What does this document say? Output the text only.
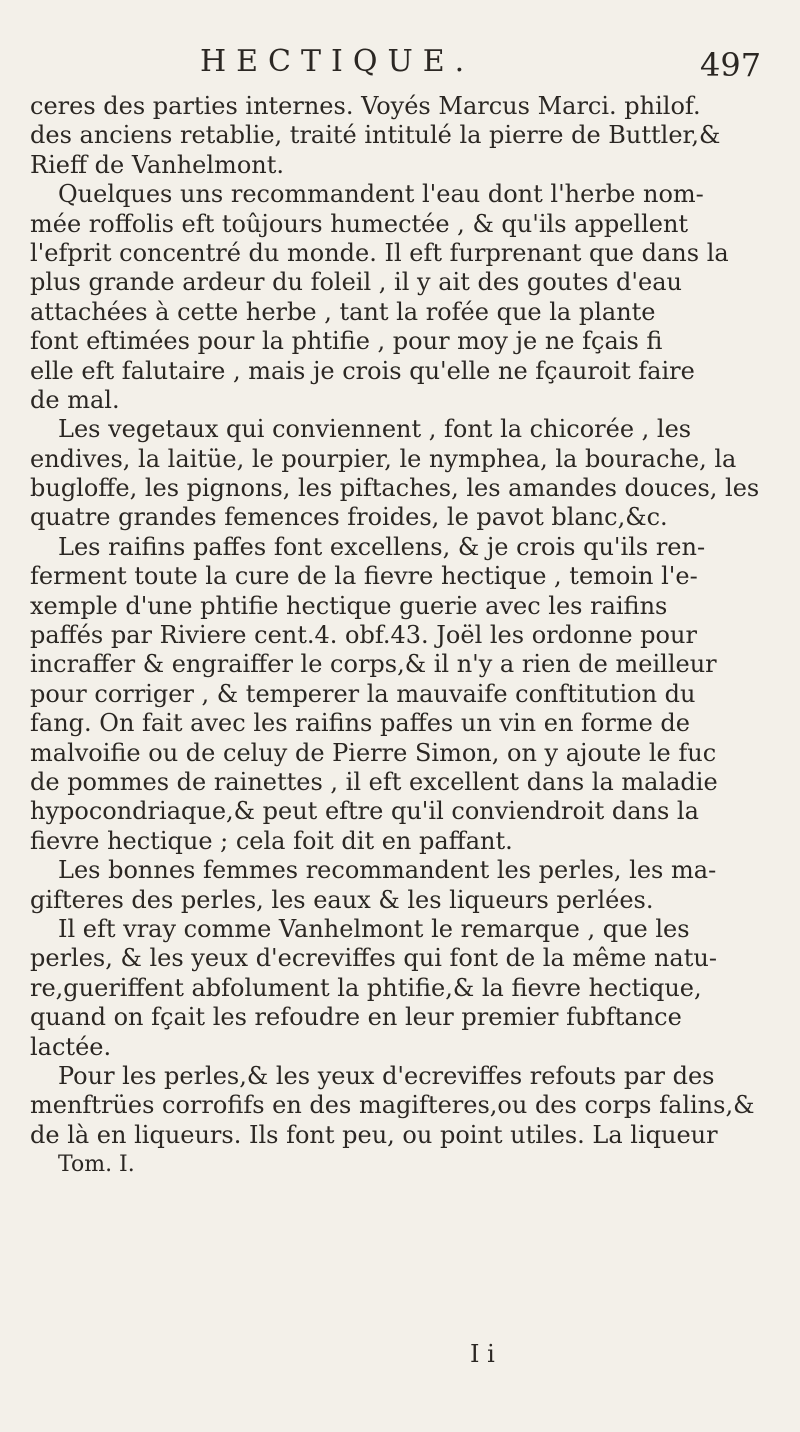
HECTIQUE.	497
ceres des parties internes. Voyés Marcus Marci. philof.
des anciens retablie, traité intitulé la pierre de Buttler,&
Rieff de Vanhelmont.
Quelques uns recommandent l'eau dont l'herbe nom-
mée roffolis eft toûjours humectée , & qu'ils appellent
l'efprit concentré du monde. Il eft furprenant que dans la
plus grande ardeur du foleil , il y ait des goutes d'eau
attachées à cette herbe , tant la rofée que la plante
font eftimées pour la phtifie , pour moy je ne fçais fi
elle eft falutaire , mais je crois qu'elle ne fçauroit faire
de mal.
Les vegetaux qui conviennent , font la chicorée , les
endives, la laitüe, le pourpier, le nymphea, la bourache, la
bugloffe, les pignons, les piftaches, les amandes douces, les
quatre grandes femences froides, le pavot blanc,&c.
Les raifins paffes font excellens, & je crois qu'ils ren-
ferment toute la cure de la fievre hectique , temoin l'e-
xemple d'une phtifie hectique guerie avec les raifins
paffés par Riviere cent.4. obf.43. Joël les ordonne pour
incraffer & engraiffer le corps,& il n'y a rien de meilleur
pour corriger , & temperer la mauvaife conftitution du
fang. On fait avec les raifins paffes un vin en forme de
malvoifie ou de celuy de Pierre Simon, on y ajoute le fuc
de pommes de rainettes , il eft excellent dans la maladie
hypocondriaque,& peut eftre qu'il conviendroit dans la
fievre hectique ; cela foit dit en paffant.
Les bonnes femmes recommandent les perles, les ma-
gifteres des perles, les eaux & les liqueurs perlées.
Il eft vray comme Vanhelmont le remarque , que les
perles, & les yeux d'ecreviffes qui font de la même natu-
re,gueriffent abfolument la phtifie,& la fievre hectique,
quand on fçait les refoudre en leur premier fubftance
lactée.
Pour les perles,& les yeux d'ecreviffes refouts par des
menftrües corrofifs en des magifteres,ou des corps falins,&
de là en liqueurs. Ils font peu, ou point utiles. La liqueur
Tom. I.
I i
